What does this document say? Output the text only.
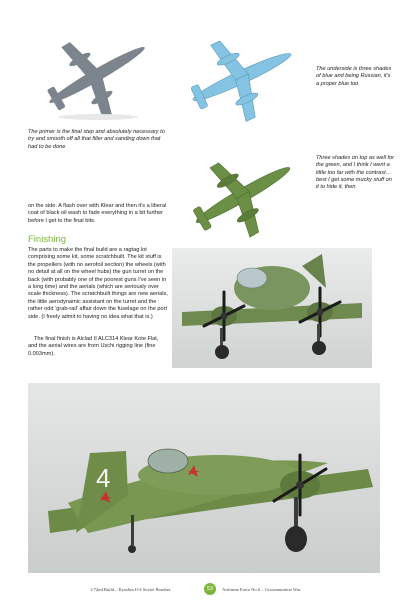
The primer is the final step and absolutely necessary to try and smooth off all that filler and sanding down that had to be done

The underside is three shades of blue and being Russian, it's a proper blue too

Three shades on top as well for the green, and I think I went a little too far with the contrast… best I get some mucky stuff on it to hide it, then

on the side. A flash over with Klear and then it's a liberal coat of black oil wash to fade everything in a bit further before I get to the final bits.

Finishing

The parts to make the final build are a ragtag lot comprising some kit, some scratchbuilt. The kit stuff is the propellers (with no aerofoil section) the wheels (with no detail at all on the wheel hubs) the gun turret on the back (with probably one of the poorest guns I've seen in a long time) and the aerials (which are seriously over scale thickness). The scratchbuilt things are new aerials, the little aerodynamic assistant on the turret and the rather odd ‘grab-rail’ affair down the fuselage on the port side. (I freely admit to having no idea what that is.)

The final finish is Alclad II ALC314 Klear Kote Flat, and the aerial wires are from Uschi rigging line (fine 0.003mm).

4
1/72nd Build – Ilyushin Il-4 Soviet Bomber	53	Airframe Extra No.6 – Grossmutation War
